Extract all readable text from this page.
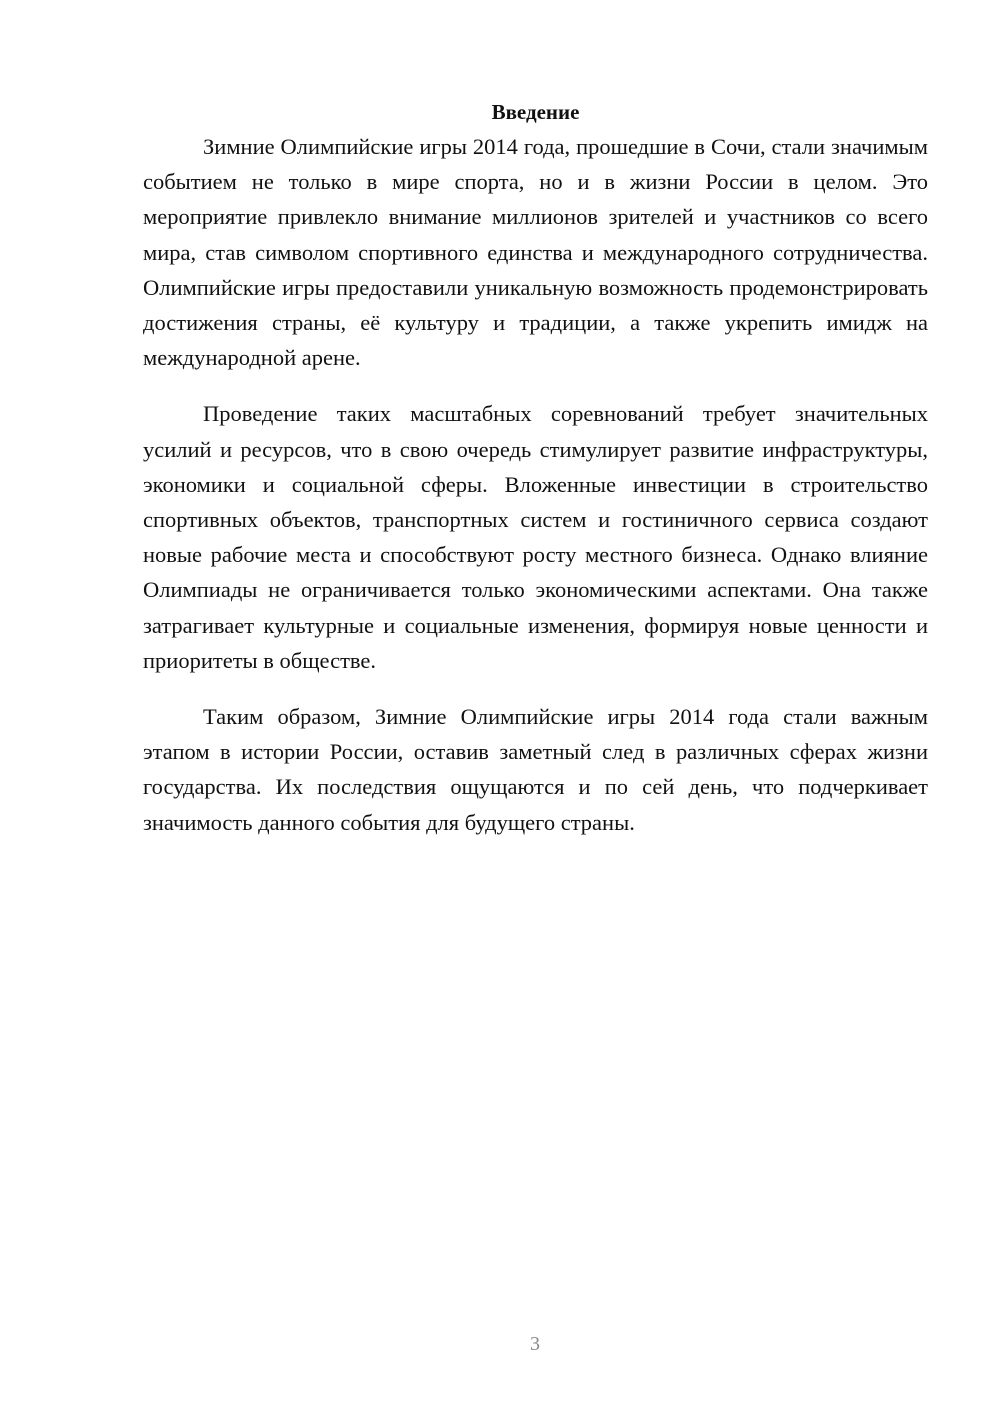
Введение

Зимние Олимпийские игры 2014 года, прошедшие в Сочи, стали значимым событием не только в мире спорта, но и в жизни России в целом. Это мероприятие привлекло внимание миллионов зрителей и участников со всего мира, став символом спортивного единства и международного сотрудничества. Олимпийские игры предоставили уникальную возможность продемонстрировать достижения страны, её культуру и традиции, а также укрепить имидж на международной арене.

Проведение таких масштабных соревнований требует значительных усилий и ресурсов, что в свою очередь стимулирует развитие инфраструктуры, экономики и социальной сферы. Вложенные инвестиции в строительство спортивных объектов, транспортных систем и гостиничного сервиса создают новые рабочие места и способствуют росту местного бизнеса. Однако влияние Олимпиады не ограничивается только экономическими аспектами. Она также затрагивает культурные и социальные изменения, формируя новые ценности и приоритеты в обществе.

Таким образом, Зимние Олимпийские игры 2014 года стали важным этапом в истории России, оставив заметный след в различных сферах жизни государства. Их последствия ощущаются и по сей день, что подчеркивает значимость данного события для будущего страны.

3
